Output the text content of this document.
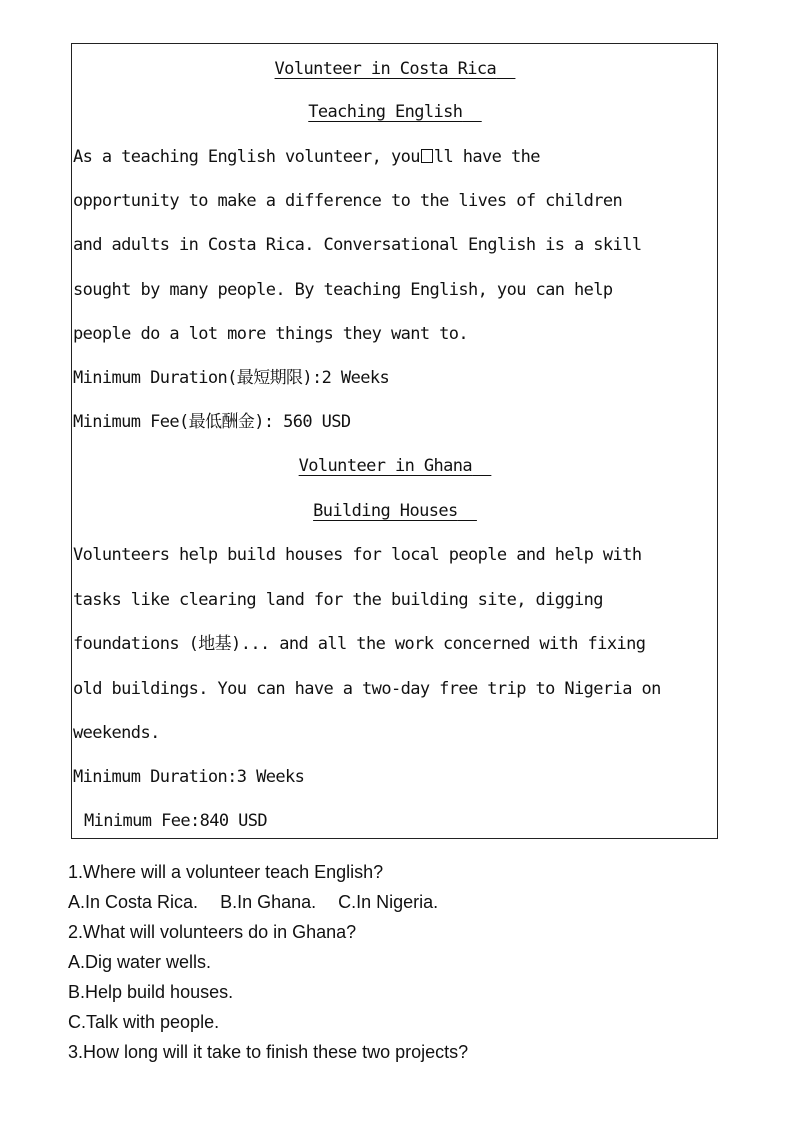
Volunteer in Costa Rica
Teaching English
As a teaching English volunteer, you ll have the
opportunity to make a difference to the lives of children
and adults in Costa Rica. Conversational English is a skill
sought by many people. By teaching English, you can help
people do a lot more things they want to.
Minimum Duration(最短期限):2 Weeks
Minimum Fee(最低酬金): 560 USD
Volunteer in Ghana
Building Houses
Volunteers help build houses for local people and help with
tasks like clearing land for the building site, digging
foundations (地基)... and all the work concerned with fixing
old buildings. You can have a two-day free trip to Nigeria on
weekends.
Minimum Duration:3 Weeks
Minimum Fee:840 USD
1.Where will a volunteer teach English?
A.In Costa Rica. B.In Ghana. C.In Nigeria.
2.What will volunteers do in Ghana?
A.Dig water wells.
B.Help build houses.
C.Talk with people.
3.How long will it take to finish these two projects?
